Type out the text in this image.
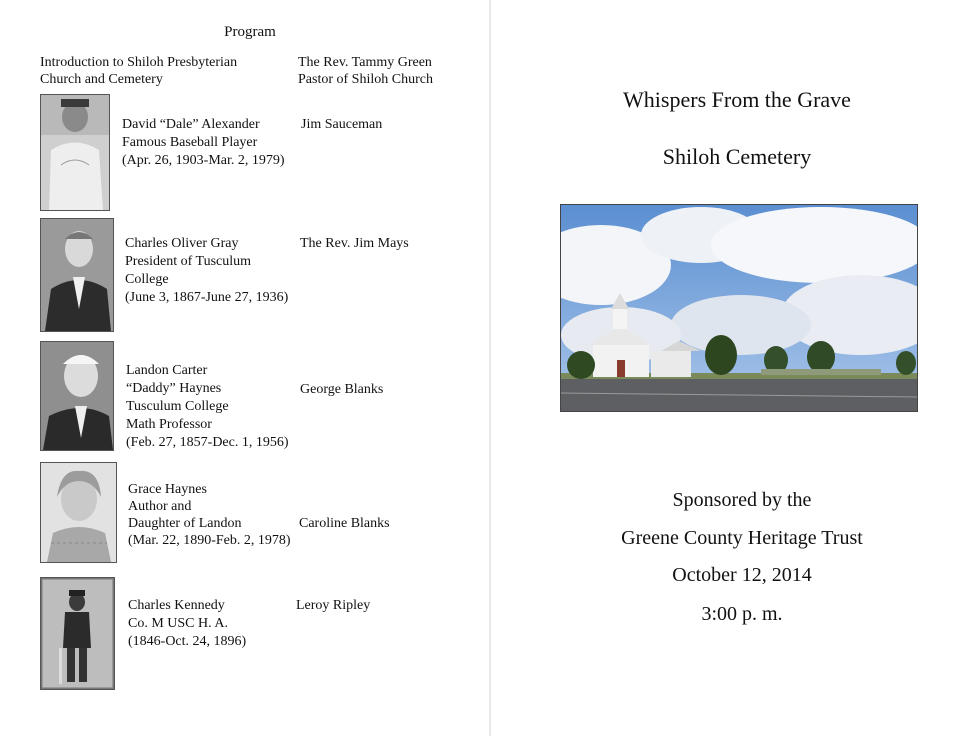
Program
Introduction to Shiloh Presbyterian
Church and Cemetery
The Rev. Tammy Green
Pastor of Shiloh Church
David “Dale” Alexander
Famous Baseball Player
(Apr. 26, 1903-Mar. 2, 1979)
Jim Sauceman
Charles Oliver Gray
President of Tusculum
College
(June 3, 1867-June 27, 1936)
The Rev. Jim Mays
Landon Carter
“Daddy” Haynes
Tusculum College
Math Professor
(Feb. 27, 1857-Dec. 1, 1956)
George Blanks
Grace Haynes
Author and
Daughter of Landon
(Mar. 22, 1890-Feb. 2, 1978)
Caroline Blanks
Charles Kennedy
Co. M USC H. A.
(1846-Oct. 24, 1896)
Leroy Ripley
Whispers From the Grave
Shiloh Cemetery
Sponsored by the
Greene County Heritage Trust
October 12, 2014
3:00 p. m.
